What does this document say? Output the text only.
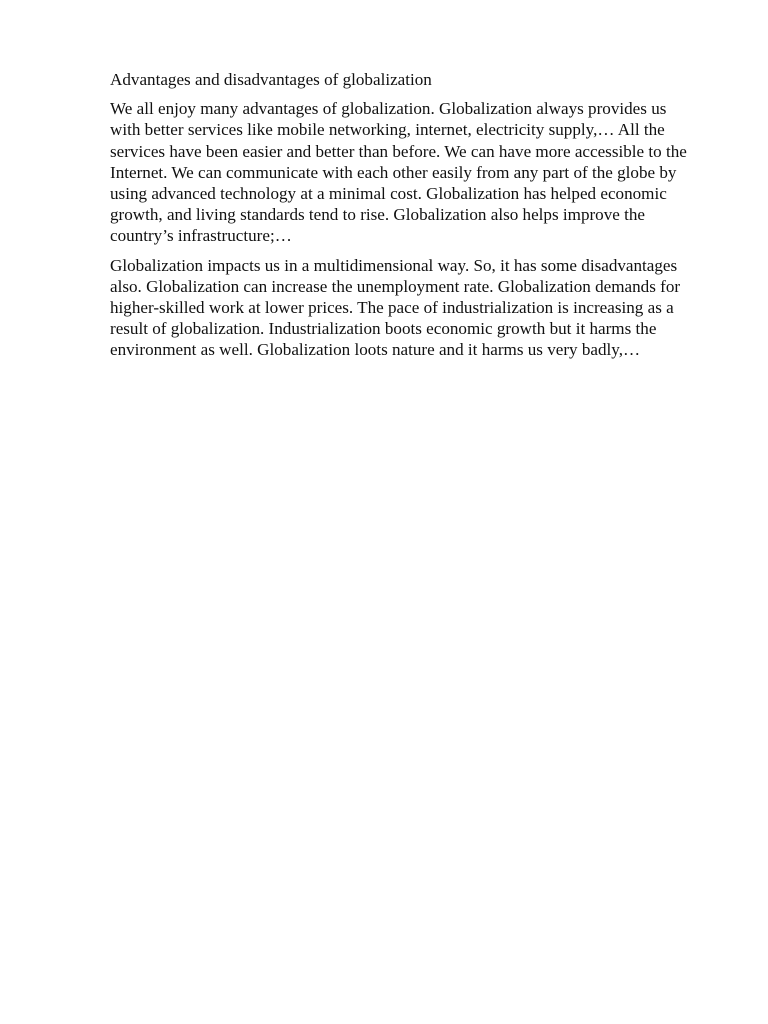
Advantages and disadvantages of globalization

We all enjoy many advantages of globalization. Globalization always provides us with better services like mobile networking, internet, electricity supply,… All the services have been easier and better than before. We can have more accessible to the Internet. We can communicate with each other easily from any part of the globe by using advanced technology at a minimal cost. Globalization has helped economic growth, and living standards tend to rise. Globalization also helps improve the country’s infrastructure;…

Globalization impacts us in a multidimensional way. So, it has some disadvantages also. Globalization can increase the unemployment rate. Globalization demands for higher-skilled work at lower prices. The pace of industrialization is increasing as a result of globalization. Industrialization boots economic growth but it harms the environment as well. Globalization loots nature and it harms us very badly,…
